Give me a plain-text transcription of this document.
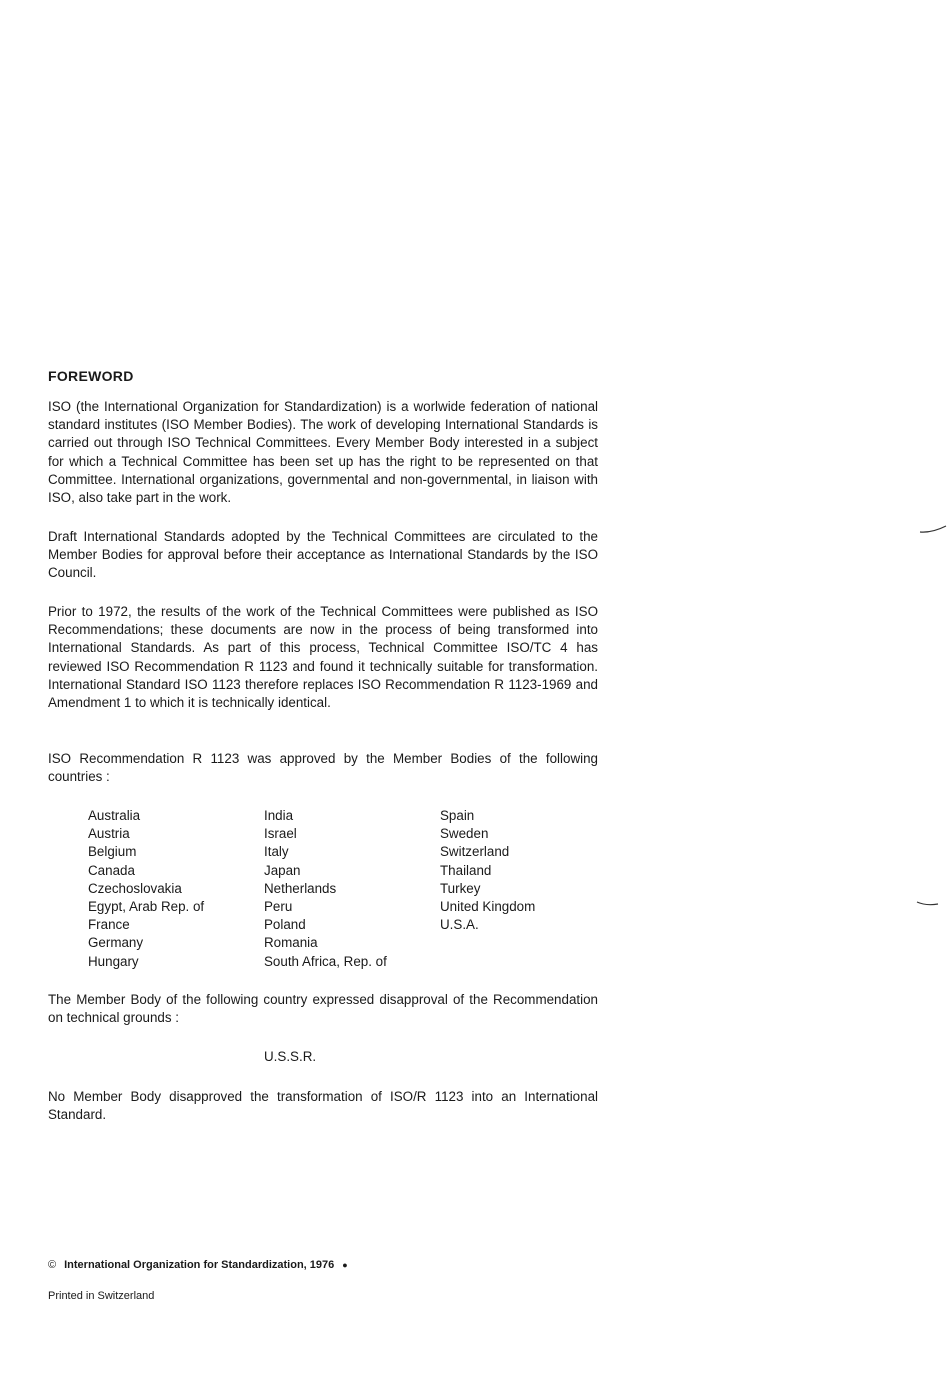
FOREWORD

ISO (the International Organization for Standardization) is a worlwide federation of national standard institutes (ISO Member Bodies). The work of developing International Standards is carried out through ISO Technical Committees. Every Member Body interested in a subject for which a Technical Committee has been set up has the right to be represented on that Committee. International organizations, governmental and non-governmental, in liaison with ISO, also take part in the work.

Draft International Standards adopted by the Technical Committees are circulated to the Member Bodies for approval before their acceptance as International Standards by the ISO Council.

Prior to 1972, the results of the work of the Technical Committees were published as ISO Recommendations; these documents are now in the process of being transformed into International Standards. As part of this process, Technical Committee ISO/TC 4 has reviewed ISO Recommendation R 1123 and found it technically suitable for transformation. International Standard ISO 1123 therefore replaces ISO Recommendation R 1123-1969 and Amendment 1 to which it is technically identical.

ISO Recommendation R 1123 was approved by the Member Bodies of the following countries :

Australia
Austria
Belgium
Canada
Czechoslovakia
Egypt, Arab Rep. of
France
Germany
Hungary
India
Israel
Italy
Japan
Netherlands
Peru
Poland
Romania
South Africa, Rep. of
Spain
Sweden
Switzerland
Thailand
Turkey
United Kingdom
U.S.A.

The Member Body of the following country expressed disapproval of the Recommendation on technical grounds :

U.S.S.R.

No Member Body disapproved the transformation of ISO/R 1123 into an International Standard.

© International Organization for Standardization, 1976 ●
Printed in Switzerland
